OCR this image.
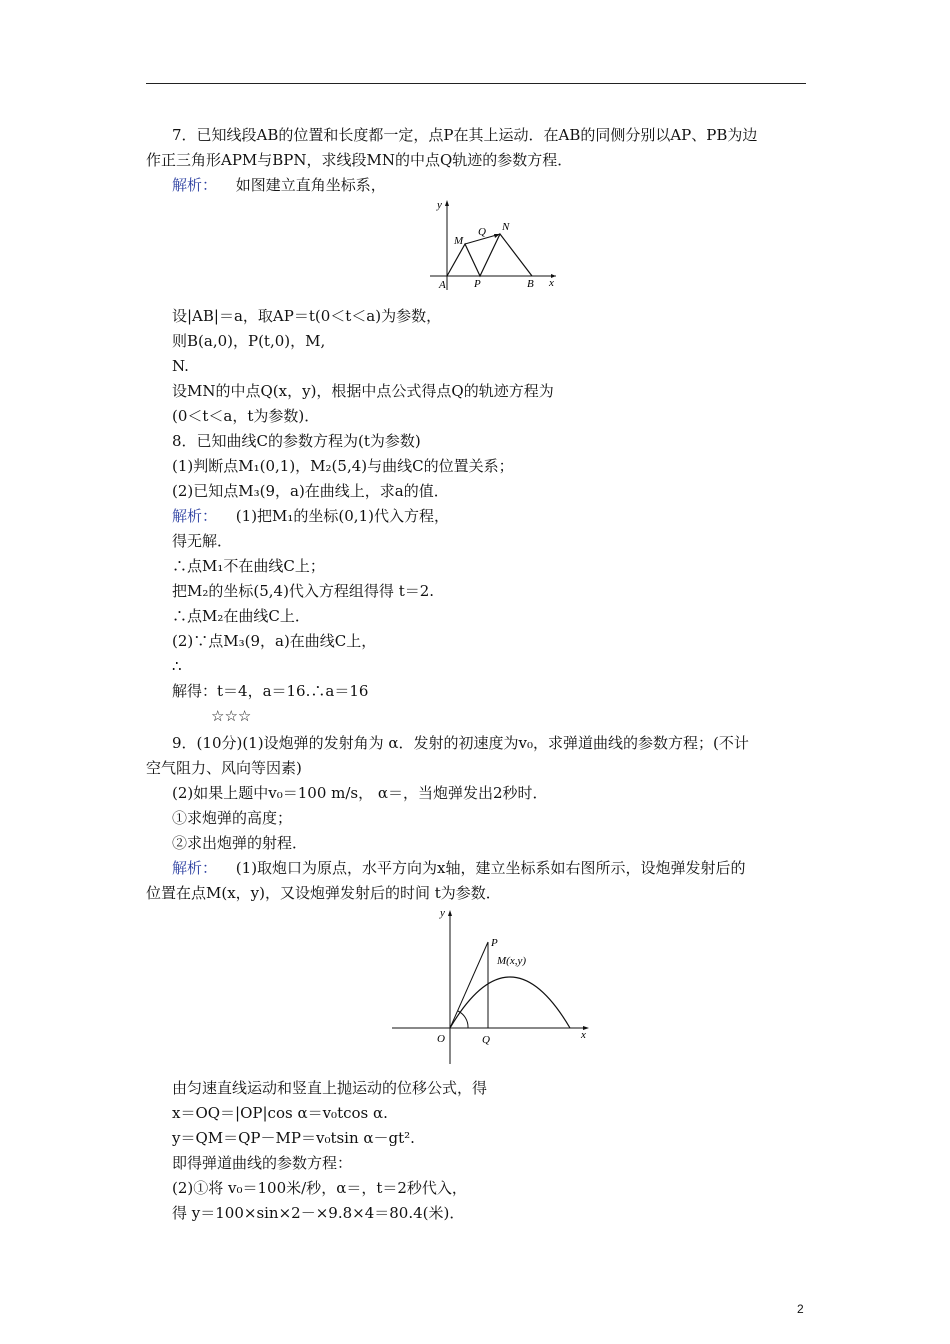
7．已知线段AB的位置和长度都一定，点P在其上运动．在AB的同侧分别以AP、PB为边
作正三角形APM与BPN，求线段MN的中点Q轨迹的参数方程．
解析： 如图建立直角坐标系，
y
x
A	P	B
M
Q N
设|AB|＝a，取AP＝t(0＜t＜a)为参数，
则B(a,0)，P(t,0)，M,
N.
设MN的中点Q(x，y)，根据中点公式得点Q的轨迹方程为
(0＜t＜a，t为参数)．
8．已知曲线C的参数方程为(t为参数)
(1)判断点M₁(0,1)，M₂(5,4)与曲线C的位置关系；
(2)已知点M₃(9，a)在曲线上，求a的值．
解析： (1)把M₁的坐标(0,1)代入方程，
得无解．
∴点M₁不在曲线C上；
把M₂的坐标(5,4)代入方程组得得 t＝2.
∴点M₂在曲线C上．
(2)∵点M₃(9，a)在曲线C上，
∴
解得：t＝4，a＝16.∴a＝16
☆☆☆
9．(10分)(1)设炮弹的发射角为 α．发射的初速度为v₀，求弹道曲线的参数方程；(不计
空气阻力、风向等因素)
(2)如果上题中v₀＝100 m/s， α＝，当炮弹发出2秒时．
①求炮弹的高度；
②求出炮弹的射程．
解析： (1)取炮口为原点，水平方向为x轴，建立坐标系如右图所示，设炮弹发射后的
位置在点M(x，y)，又设炮弹发射后的时间 t为参数．
y
x
O	Q
P
M(x,y)
由匀速直线运动和竖直上抛运动的位移公式，得
x＝OQ＝|OP|cos α＝v₀tcos α.
y＝QM＝QP－MP＝v₀tsin α－gt².
即得弹道曲线的参数方程：
(2)①将 v₀＝100米/秒，α＝，t＝2秒代入，
得 y＝100×sin×2－×9.8×4＝80.4(米)．
2
